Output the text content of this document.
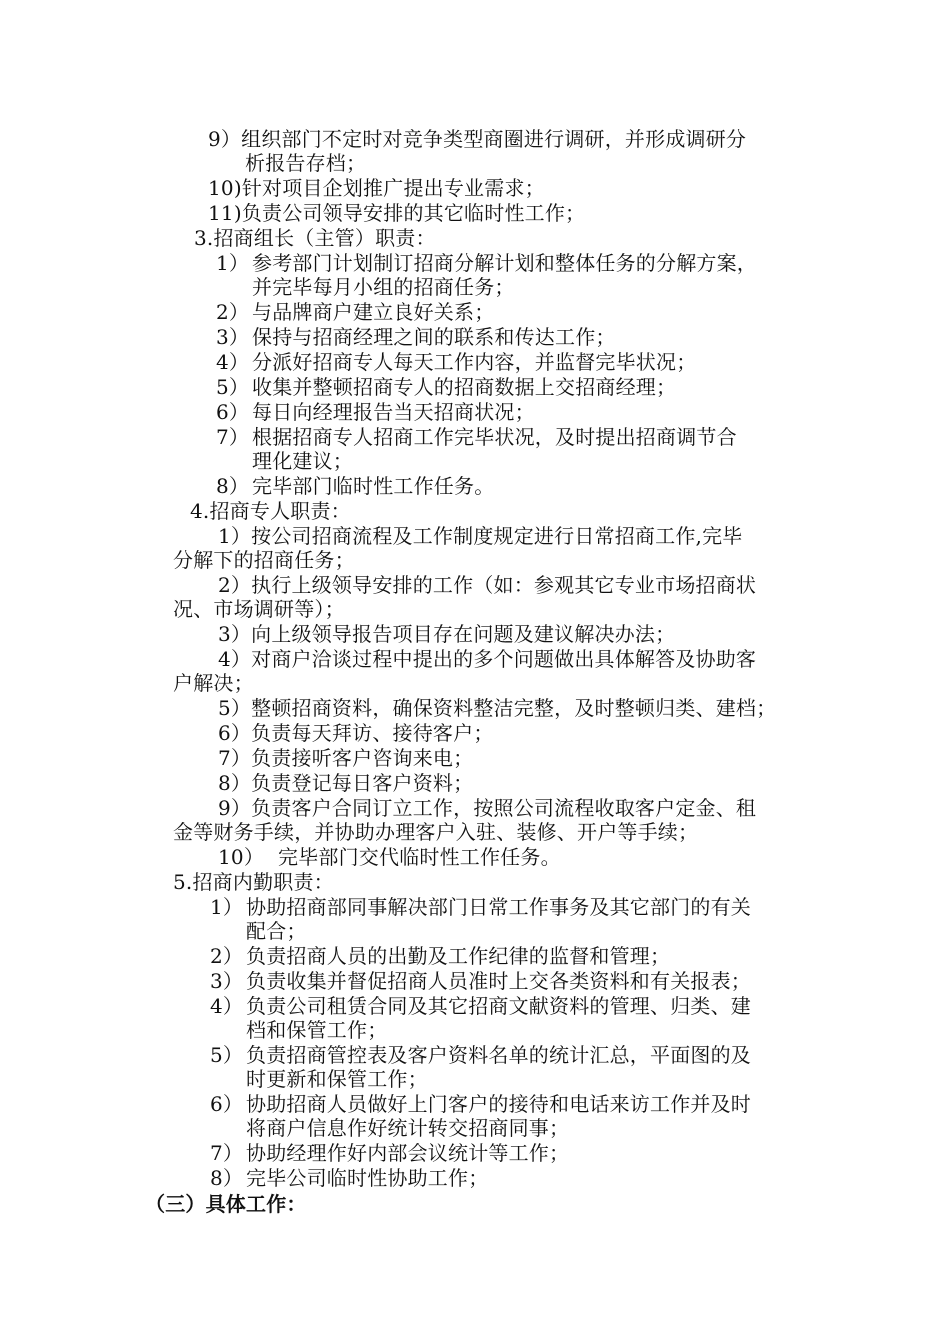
9）组织部门不定时对竞争类型商圈进行调研，并形成调研分
析报告存档；
10)针对项目企划推广提出专业需求；
11)负责公司领导安排的其它临时性工作；
3.招商组长（主管）职责：
1） 参考部门计划制订招商分解计划和整体任务的分解方案，
并完毕每月小组的招商任务；
2） 与品牌商户建立良好关系；
3） 保持与招商经理之间的联系和传达工作；
4） 分派好招商专人每天工作内容，并监督完毕状况；
5） 收集并整顿招商专人的招商数据上交招商经理；
6） 每日向经理报告当天招商状况；
7） 根据招商专人招商工作完毕状况，及时提出招商调节合
理化建议；
8） 完毕部门临时性工作任务。
4.招商专人职责：
1）按公司招商流程及工作制度规定进行日常招商工作,完毕
分解下的招商任务；
2）执行上级领导安排的工作（如：参观其它专业市场招商状
况、市场调研等）；
3）向上级领导报告项目存在问题及建议解决办法；
4）对商户洽谈过程中提出的多个问题做出具体解答及协助客
户解决；
5）整顿招商资料，确保资料整洁完整，及时整顿归类、建档；
6）负责每天拜访、接待客户；
7）负责接听客户咨询来电；
8）负责登记每日客户资料；
9）负责客户合同订立工作，按照公司流程收取客户定金、租
金等财务手续，并协助办理客户入驻、装修、开户等手续；
10） 完毕部门交代临时性工作任务。
5.招商内勤职责：
1） 协助招商部同事解决部门日常工作事务及其它部门的有关
配合；
2） 负责招商人员的出勤及工作纪律的监督和管理；
3） 负责收集并督促招商人员准时上交各类资料和有关报表；
4） 负责公司租赁合同及其它招商文献资料的管理、归类、建
档和保管工作；
5） 负责招商管控表及客户资料名单的统计汇总，平面图的及
时更新和保管工作；
6） 协助招商人员做好上门客户的接待和电话来访工作并及时
将商户信息作好统计转交招商同事；
7） 协助经理作好内部会议统计等工作；
8） 完毕公司临时性协助工作；
（三）具体工作：
